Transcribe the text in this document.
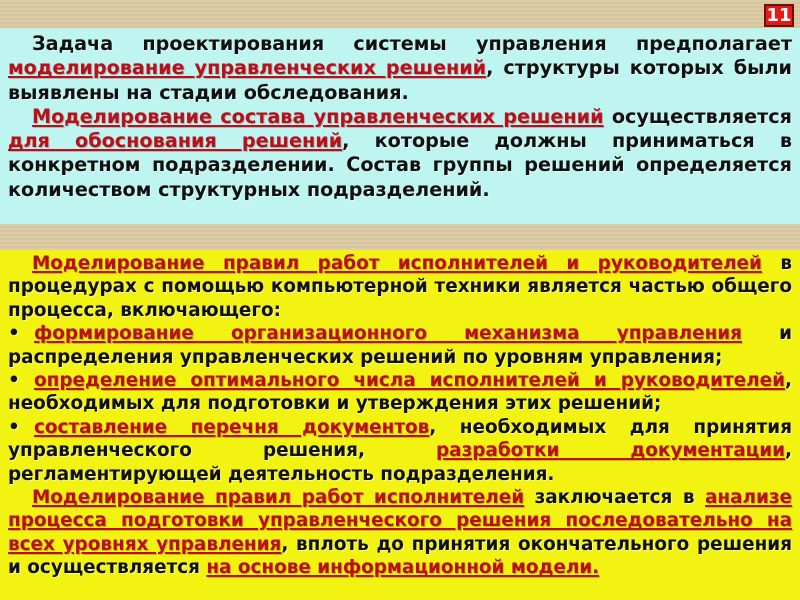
11

Задача проектирования системы управления предполагает моделирование управленческих решений, структуры которых были выявлены на стадии обследования.

Моделирование состава управленческих решений осуществляется для обоснования решений, которые должны приниматься в конкретном подразделении. Состав группы решений определяется количеством структурных подразделений.

Моделирование правил работ исполнителей и руководителей в процедурах с помощью компьютерной техники является частью общего процесса, включающего:

• формирование организационного механизма управления и распределения управленческих решений по уровням управления;

• определение оптимального числа исполнителей и руководителей, необходимых для подготовки и утверждения этих решений;

• составление перечня документов, необходимых для принятия управленческого решения, разработки документации, регламентирующей деятельность подразделения.

Моделирование правил работ исполнителей заключается в анализе процесса подготовки управленческого решения последовательно на всех уровнях управления, вплоть до принятия окончательного решения и осуществляется на основе информационной модели.
